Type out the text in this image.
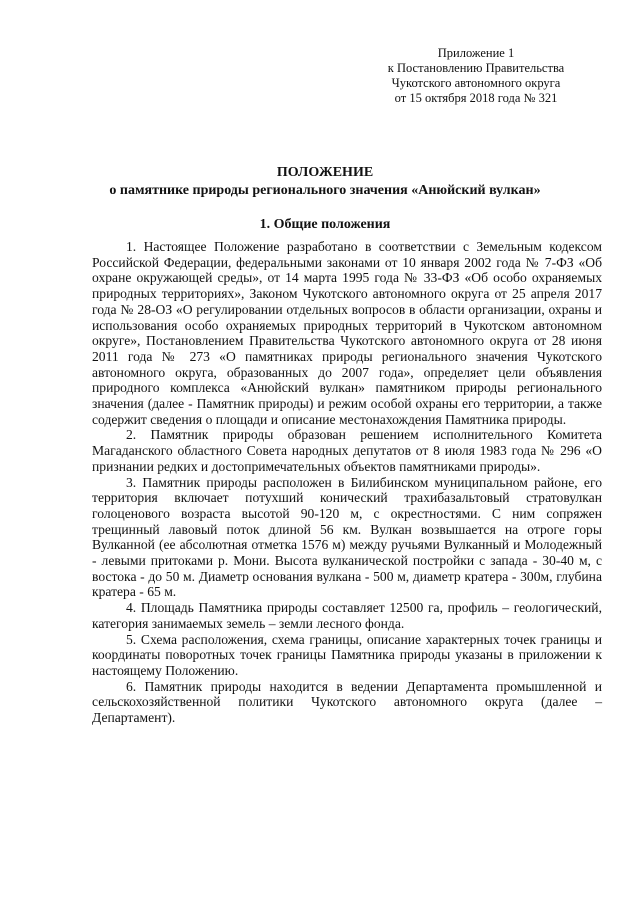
Приложение 1
к Постановлению Правительства
Чукотского автономного округа
от 15 октября 2018 года № 321
ПОЛОЖЕНИЕ
о памятнике природы регионального значения «Анюйский вулкан»
1. Общие положения

1. Настоящее Положение разработано в соответствии с Земельным кодексом Российской Федерации, федеральными законами от 10 января 2002 года № 7-ФЗ «Об охране окружающей среды», от 14 марта 1995 года № 33-ФЗ «Об особо охраняемых природных территориях», Законом Чукотского автономного округа от 25 апреля 2017 года № 28-ОЗ «О регулировании отдельных вопросов в области организации, охраны и использования особо охраняемых природных территорий в Чукотском автономном округе», Постановлением Правительства Чукотского автономного округа от 28 июня 2011 года № 273 «О памятниках природы регионального значения Чукотского автономного округа, образованных до 2007 года», определяет цели объявления природного комплекса «Анюйский вулкан» памятником природы регионального значения (далее - Памятник природы) и режим особой охраны его территории, а также содержит сведения о площади и описание местонахождения Памятника природы.

2. Памятник природы образован решением исполнительного Комитета Магаданского областного Совета народных депутатов от 8 июля 1983 года № 296 «О признании редких и достопримечательных объектов памятниками природы».

3. Памятник природы расположен в Билибинском муниципальном районе, его территория включает потухший конический трахибазальтовый стратовулкан голоценового возраста высотой 90-120 м, с окрестностями. С ним сопряжен трещинный лавовый поток длиной 56 км. Вулкан возвышается на отроге горы Вулканной (ее абсолютная отметка 1576 м) между ручьями Вулканный и Молодежный - левыми притоками р. Мони. Высота вулканической постройки с запада - 30-40 м, с востока - до 50 м. Диаметр основания вулкана - 500 м, диаметр кратера - 300м, глубина кратера - 65 м.

4. Площадь Памятника природы составляет 12500 га, профиль – геологический, категория занимаемых земель – земли лесного фонда.

5. Схема расположения, схема границы, описание характерных точек границы и координаты поворотных точек границы Памятника природы указаны в приложении к настоящему Положению.

6. Памятник природы находится в ведении Департамента промышленной и сельскохозяйственной политики Чукотского автономного округа (далее – Департамент).
